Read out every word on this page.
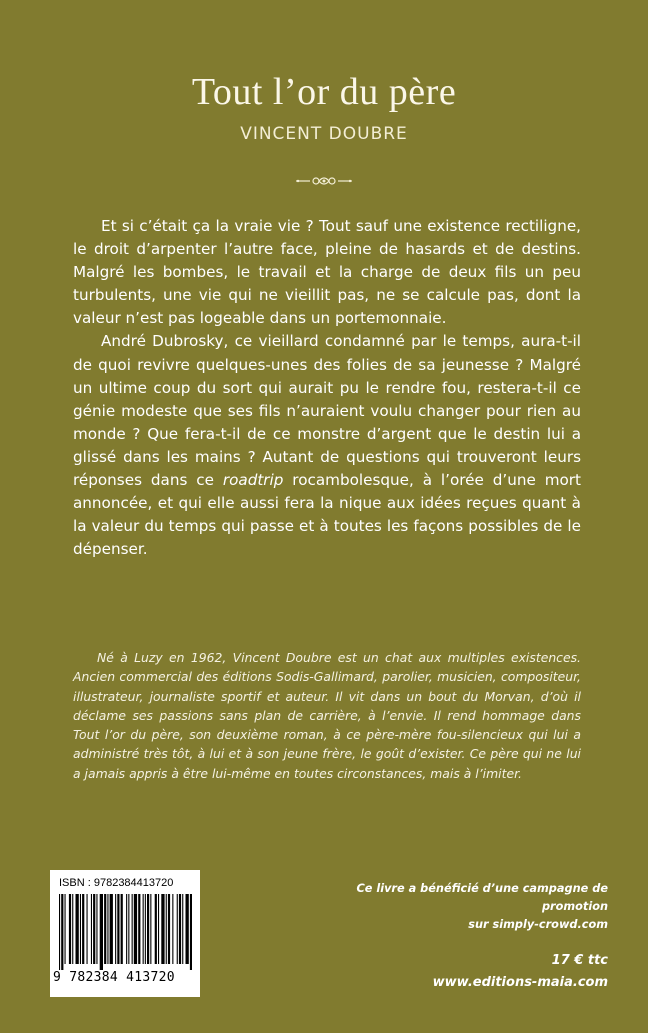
Tout l’or du père
VINCENT DOUBRE

Et si c’était ça la vraie vie ? Tout sauf une existence rectiligne, le droit d’arpenter l’autre face, pleine de hasards et de destins. Malgré les bombes, le travail et la charge de deux fils un peu turbulents, une vie qui ne vieillit pas, ne se calcule pas, dont la valeur n’est pas logeable dans un portemonnaie.

André Dubrosky, ce vieillard condamné par le temps, aura-t-il de quoi revivre quelques-unes des folies de sa jeunesse ? Malgré un ultime coup du sort qui aurait pu le rendre fou, restera-t-il ce génie modeste que ses fils n’auraient voulu changer pour rien au monde ? Que fera-t-il de ce monstre d’argent que le destin lui a glissé dans les mains ? Autant de questions qui trouveront leurs réponses dans ce roadtrip rocambolesque, à l’orée d’une mort annoncée, et qui elle aussi fera la nique aux idées reçues quant à la valeur du temps qui passe et à toutes les façons possibles de le dépenser.

Né à Luzy en 1962, Vincent Doubre est un chat aux multiples existences. Ancien commercial des éditions Sodis-Gallimard, parolier, musicien, compositeur, illustrateur, journaliste sportif et auteur. Il vit dans un bout du Morvan, d’où il déclame ses passions sans plan de carrière, à l’envie. Il rend hommage dans Tout l’or du père, son deuxième roman, à ce père-mère fou-silencieux qui lui a administré très tôt, à lui et à son jeune frère, le goût d’exister. Ce père qui ne lui a jamais appris à être lui-même en toutes circonstances, mais à l’imiter.

ISBN : 9782384413720
9 782384 413720
Ce livre a bénéficié d’une campagne de promotion
sur simply-crowd.com
17 € ttc
www.editions-maia.com
